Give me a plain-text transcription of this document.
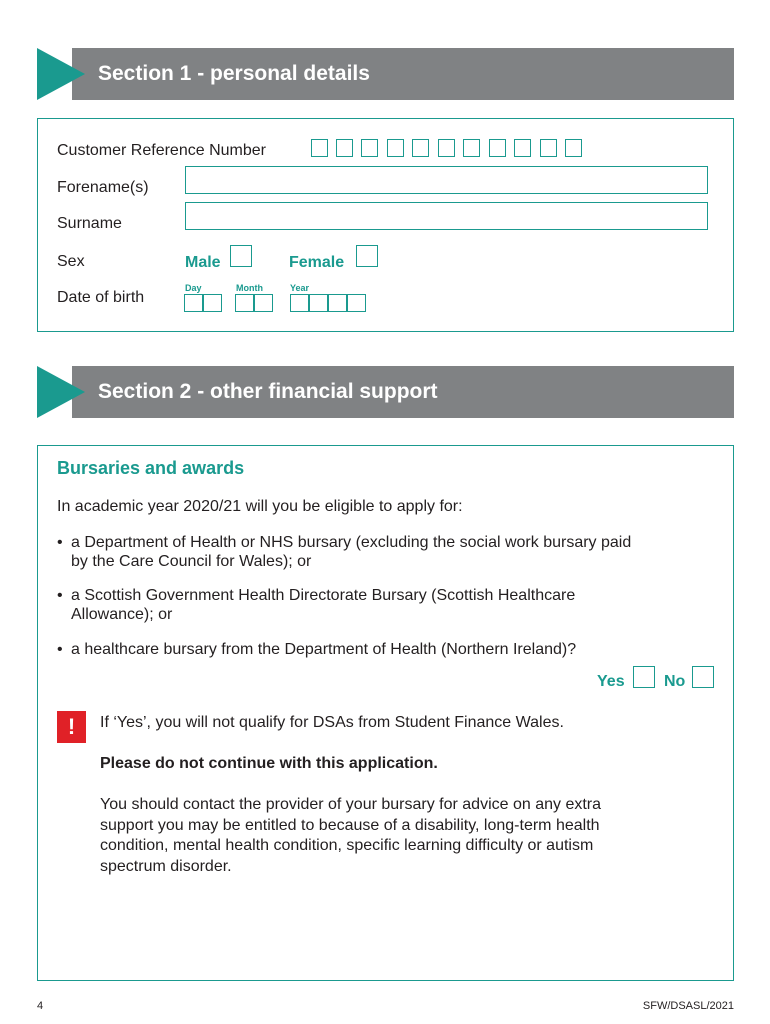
Section 1 - personal details
Customer Reference Number
Forename(s)
Surname
Sex	Male	Female
Date of birth
Day	Month	Year
Section 2 - other financial support
Bursaries and awards
In academic year 2020/21 will you be eligible to apply for:
• a Department of Health or NHS bursary (excluding the social work bursary paid
by the Care Council for Wales); or
• a Scottish Government Health Directorate Bursary (Scottish Healthcare
Allowance); or
• a healthcare bursary from the Department of Health (Northern Ireland)?
Yes No
!	If ‘Yes’, you will not qualify for DSAs from Student Finance Wales.
Please do not continue with this application.
You should contact the provider of your bursary for advice on any extra
support you may be entitled to because of a disability, long-term health
condition, mental health condition, specific learning difficulty or autism
spectrum disorder.
4	SFW/DSASL/2021
